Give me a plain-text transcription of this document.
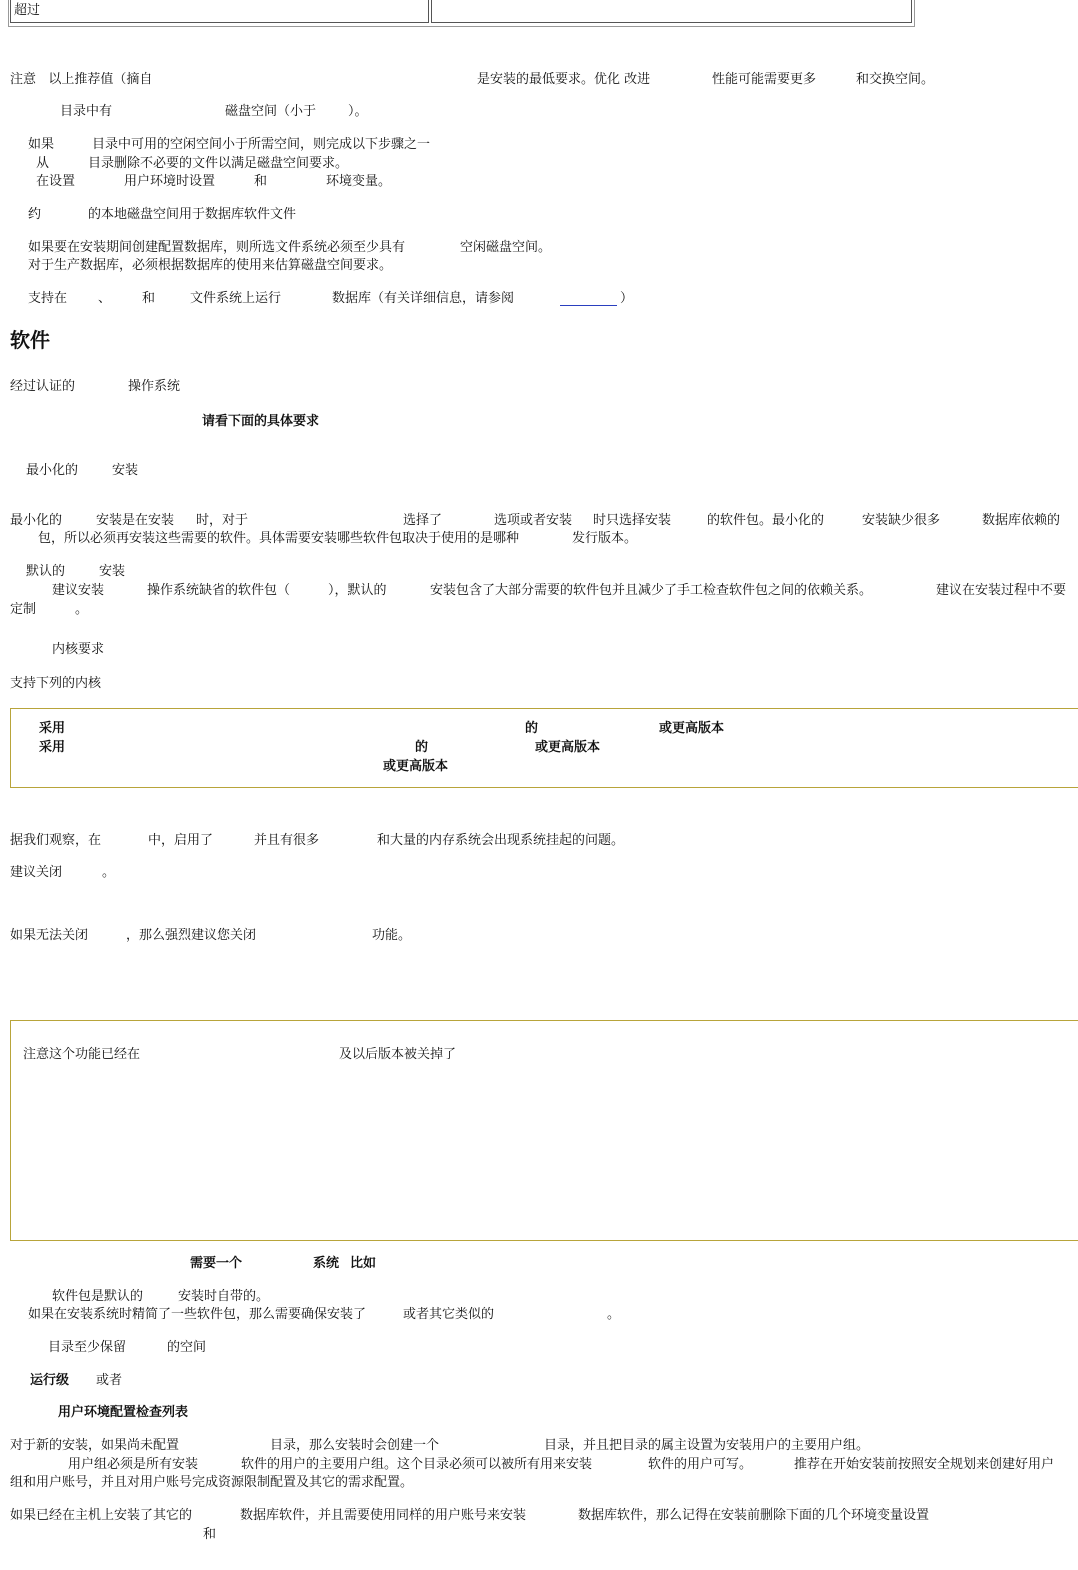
超过
注意   以上推荐值（摘自	是安装的最低要求。优化 改进	性能可能需要更多	和交换空间。
目录中有	磁盘空间（小于 ）。
如果	目录中可用的空闲空间小于所需空间，则完成以下步骤之一
从	目录删除不必要的文件以满足磁盘空间要求。
在设置	用户环境时设置	和	环境变量。
约	的本地磁盘空间用于数据库软件文件
如果要在安装期间创建配置数据库，则所选文件系统必须至少具有	空闲磁盘空间。
对于生产数据库，必须根据数据库的使用来估算磁盘空间要求。
支持在 、 和	文件系统上运行	数据库（有关详细信息，请参阅	）
软件
经过认证的	操作系统
请看下面的具体要求
最小化的	安装
最小化的	安装是在安装 时，对于	选择了	选项或者安装 时只选择安装	的软件包。最小化的	安装缺少很多	数据库依赖的
包，所以必须再安装这些需要的软件。具体需要安装哪些软件包取决于使用的是哪种	发行版本。
默认的	安装
建议安装	操作系统缺省的软件包（	），默认的	安装包含了大部分需要的软件包并且减少了手工检查软件包之间的依赖关系。	建议在安装过程中不要
定制	。
内核要求
支持下列的内核
采用	的	或更高版本
采用	的	或更高版本
或更高版本
据我们观察，在	中，启用了	并且有很多	和大量的内存系统会出现系统挂起的问题。
建议关闭	。
如果无法关闭	，那么强烈建议您关闭	功能。
注意这个功能已经在	及以后版本被关掉了
需要一个	系统 比如
软件包是默认的	安装时自带的。
如果在安装系统时精简了一些软件包，那么需要确保安装了	或者其它类似的	。
目录至少保留	的空间
运行级 或者
用户环境配置检查列表
对于新的安装，如果尚未配置	目录，那么安装时会创建一个	目录，并且把目录的属主设置为安装用户的主要用户组。
用户组必须是所有安装	软件的用户的主要用户组。这个目录必须可以被所有用来安装	软件的用户可写。	推荐在开始安装前按照安全规划来创建好用户
组和用户账号，并且对用户账号完成资源限制配置及其它的需求配置。
如果已经在主机上安装了其它的	数据库软件，并且需要使用同样的用户账号来安装	数据库软件，那么记得在安装前删除下面的几个环境变量设置
和
